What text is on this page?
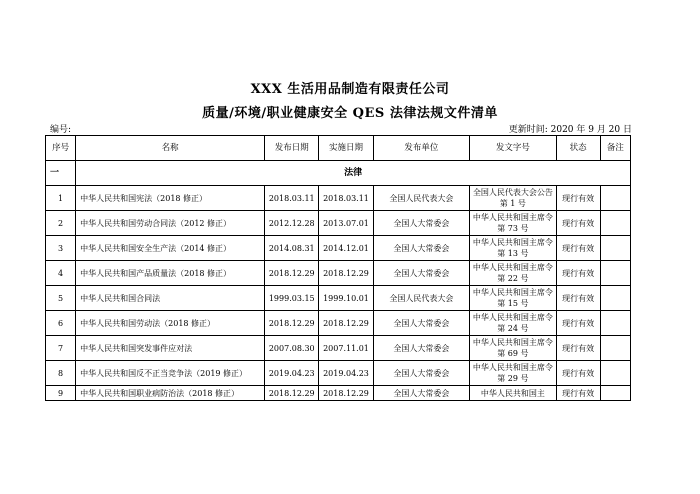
XXX 生活用品制造有限责任公司
质量/环境/职业健康安全 QES 法律法规文件清单
编号:	更新时间: 2020 年 9 月 20 日
序号	名称	发布日期	实施日期	发布单位	发文字号	状态	备注
一	法律						
1	中华人民共和国宪法（2018 修正）	2018.03.11	2018.03.11	全国人民代表大会	全国人民代表大会公告第 1 号	现行有效	
2	中华人民共和国劳动合同法（2012 修正）	2012.12.28	2013.07.01	全国人大常委会	中华人民共和国主席令第 73 号	现行有效	
3	中华人民共和国安全生产法（2014 修正）	2014.08.31	2014.12.01	全国人大常委会	中华人民共和国主席令第 13 号	现行有效	
4	中华人民共和国产品质量法（2018 修正）	2018.12.29	2018.12.29	全国人大常委会	中华人民共和国主席令第 22 号	现行有效	
5	中华人民共和国合同法	1999.03.15	1999.10.01	全国人民代表大会	中华人民共和国主席令第 15 号	现行有效	
6	中华人民共和国劳动法（2018 修正）	2018.12.29	2018.12.29	全国人大常委会	中华人民共和国主席令第 24 号	现行有效	
7	中华人民共和国突发事件应对法	2007.08.30	2007.11.01	全国人大常委会	中华人民共和国主席令第 69 号	现行有效	
8	中华人民共和国反不正当竞争法（2019 修正）	2019.04.23	2019.04.23	全国人大常委会	中华人民共和国主席令第 29 号	现行有效	
9	中华人民共和国职业病防治法（2018 修正）	2018.12.29	2018.12.29	全国人大常委会	中华人民共和国主	现行有效	
